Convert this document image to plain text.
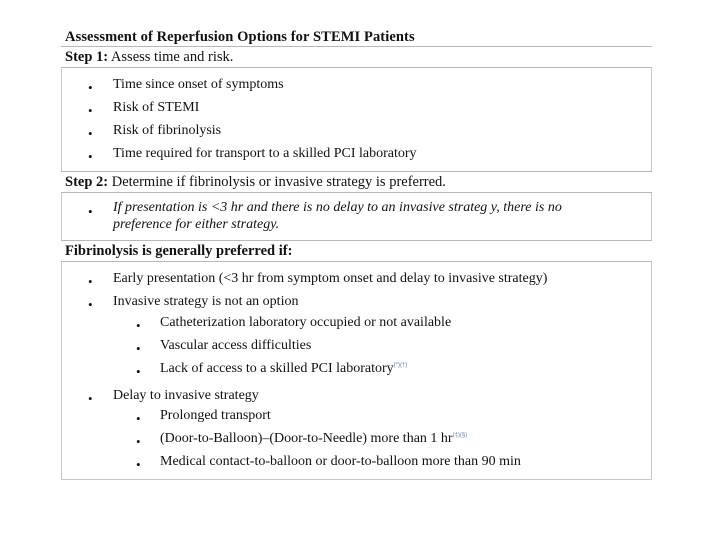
Assessment of Reperfusion Options for STEMI Patients
Step 1: Assess time and risk.
• Time since onset of symptoms
• Risk of STEMI
• Risk of fibrinolysis
• Time required for transport to a skilled PCI laboratory
Step 2: Determine if fibrinolysis or invasive strategy is preferred.
• If presentation is <3 hr and there is no delay to an invasive strateg y, there is no
preference for either strategy.
Fibrinolysis is generally preferred if:
• Early presentation (<3 hr from symptom onset and delay to invasive strategy)
• Invasive strategy is not an option
• Catheterization laboratory occupied or not available
• Vascular access difficulties
• Lack of access to a skilled PCI laboratory(*)(†)
• Delay to invasive strategy
• Prolonged transport
• (Door-to-Balloon)–(Door-to-Needle) more than 1 hr(‡)(§)
• Medical contact-to-balloon or door-to-balloon more than 90 min
